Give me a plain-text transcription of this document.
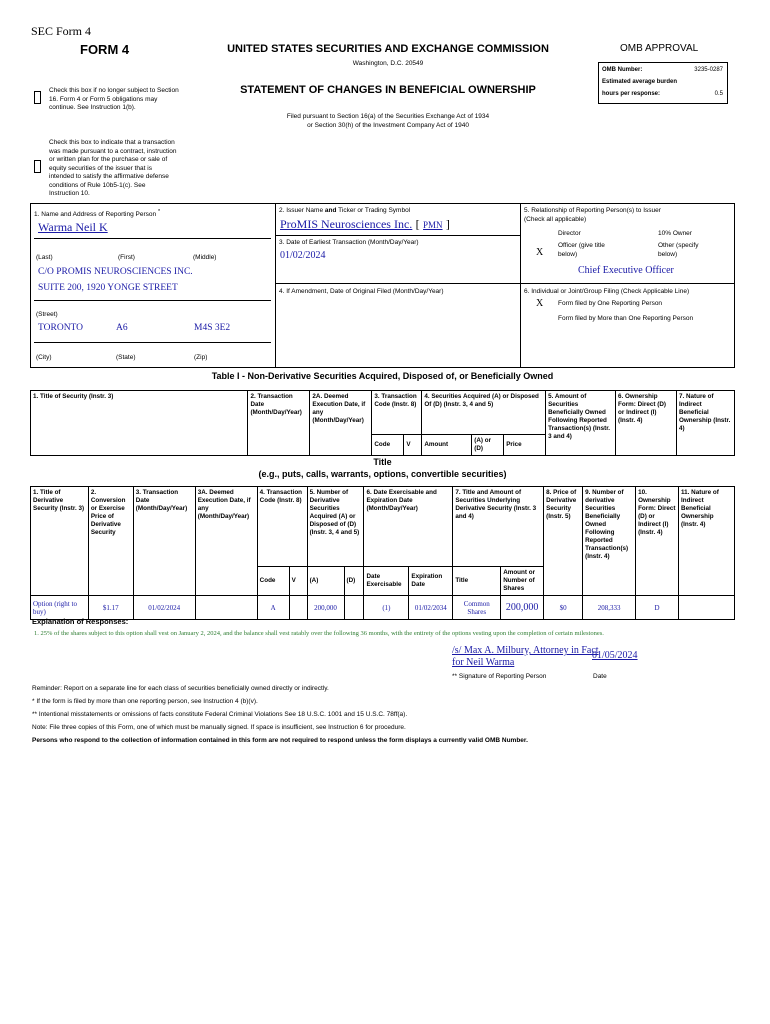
SEC Form 4
FORM 4	UNITED STATES SECURITIES AND EXCHANGE COMMISSION
Washington, D.C. 20549
STATEMENT OF CHANGES IN BENEFICIAL OWNERSHIP
Filed pursuant to Section 16(a) of the Securities Exchange Act of 1934
or Section 30(h) of the Investment Company Act of 1940
Check this box if no longer subject to Section 16. Form 4 or Form 5 obligations may continue. See Instruction 1(b).
Check this box to indicate that a transaction was made pursuant to a contract, instruction or written plan for the purchase or sale of equity securities of the issuer that is intended to satisfy the affirmative defense conditions of Rule 10b5-1(c). See Instruction 10.
OMB APPROVAL
OMB Number:	3235-0287
Estimated average burden
hours per response:	0.5
1. Name and Address of Reporting Person *
Warma Neil K
(Last)	(First)	(Middle)
C/O PROMIS NEUROSCIENCES INC.
SUITE 200, 1920 YONGE STREET
(Street)
TORONTO	A6	M4S 3E2
(City)	(State)	(Zip)
2. Issuer Name and Ticker or Trading Symbol
ProMIS Neurosciences Inc. [ PMN ]
3. Date of Earliest Transaction (Month/Day/Year)
01/02/2024
4. If Amendment, Date of Original Filed (Month/Day/Year)
5. Relationship of Reporting Person(s) to Issuer
(Check all applicable)
Director	10% Owner
X
Officer (give title below)
Other (specify below)
Chief Executive Officer
6. Individual or Joint/Group Filing (Check Applicable Line)
X Form filed by One Reporting Person
Form filed by More than One Reporting Person
Table I - Non-Derivative Securities Acquired, Disposed of, or Beneficially Owned
1. Title of Security (Instr. 3)	2. Transaction Date (Month/Day/Year)	2A. Deemed Execution Date, if any (Month/Day/Year)	3. Transaction Code (Instr. 8)		4. Securities Acquired (A) or Disposed Of (D) (Instr. 3, 4 and 5)			5. Amount of Securities Beneficially Owned Following Reported Transaction(s) (Instr. 3 and 4)	6. Ownership Form: Direct (D) or Indirect (I) (Instr. 4)	7. Nature of Indirect Beneficial Ownership (Instr. 4)
			Code	V	Amount	(A) or (D)	Price			
Title
(e.g., puts, calls, warrants, options, convertible securities)
1. Title of Derivative Security (Instr. 3)	2. Conversion or Exercise Price of Derivative Security	3. Transaction Date (Month/Day/Year)	3A. Deemed Execution Date, if any (Month/Day/Year)	4. Transaction Code (Instr. 8)		5. Number of Derivative Securities Acquired (A) or Disposed of (D) (Instr. 3, 4 and 5)		6. Date Exercisable and Expiration Date (Month/Day/Year)		7. Title and Amount of Securities Underlying Derivative Security (Instr. 3 and 4)		8. Price of Derivative Security (Instr. 5)	9. Number of derivative Securities Beneficially Owned Following Reported Transaction(s) (Instr. 4)	10. Ownership Form: Direct (D) or Indirect (I) (Instr. 4)	11. Nature of Indirect Beneficial Ownership (Instr. 4)
				Code	V	(A)	(D)	Date Exercisable	Expiration Date	Title	Amount or Number of Shares				
Option (right to buy)	$1.17	01/02/2024		A		200,000		(1)	01/02/2034	Common Shares	200,000	$0	208,333	D	
Explanation of Responses:
1. 25% of the shares subject to this option shall vest on January 2, 2024, and the balance shall vest ratably over the following 36 months, with the entirety of the options vesting upon the completion of certain milestones.
/s/ Max A. Milbury, Attorney in Fact for Neil Warma
01/05/2024
** Signature of Reporting Person	Date
Reminder: Report on a separate line for each class of securities beneficially owned directly or indirectly.
* If the form is filed by more than one reporting person, see Instruction 4 (b)(v).
** Intentional misstatements or omissions of facts constitute Federal Criminal Violations See 18 U.S.C. 1001 and 15 U.S.C. 78ff(a).
Note: File three copies of this Form, one of which must be manually signed. If space is insufficient, see Instruction 6 for procedure.
Persons who respond to the collection of information contained in this form are not required to respond unless the form displays a currently valid OMB Number.
